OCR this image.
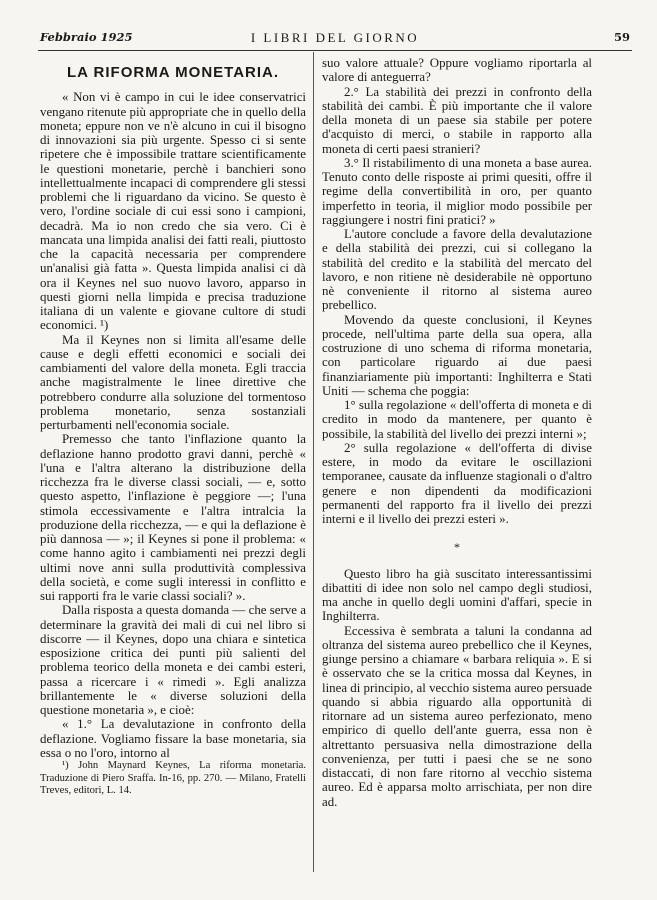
Febbraio 1925	I LIBRI DEL GIORNO	59
LA RIFORMA MONETARIA.

« Non vi è campo in cui le idee conservatrici vengano ritenute più appropriate che in quello della moneta; eppure non ve n'è alcuno in cui il bisogno di innovazioni sia più urgente. Spesso ci si sente ripetere che è impossibile trattare scientificamente le questioni monetarie, perchè i banchieri sono intellettualmente incapaci di comprendere gli stessi problemi che li riguardano da vicino. Se questo è vero, l'ordine sociale di cui essi sono i campioni, decadrà. Ma io non credo che sia vero. Ci è mancata una limpida analisi dei fatti reali, piuttosto che la capacità necessaria per comprendere un'analisi già fatta ». Questa limpida analisi ci dà ora il Keynes nel suo nuovo lavoro, apparso in questi giorni nella limpida e precisa traduzione italiana di un valente e giovane cultore di studi economici. ¹)

Ma il Keynes non si limita all'esame delle cause e degli effetti economici e sociali dei cambiamenti del valore della moneta. Egli traccia anche magistralmente le linee direttive che potrebbero condurre alla soluzione del tormentoso problema monetario, senza sostanziali perturbamenti nell'economia sociale.

Premesso che tanto l'inflazione quanto la deflazione hanno prodotto gravi danni, perchè « l'una e l'altra alterano la distribuzione della ricchezza fra le diverse classi sociali, — e, sotto questo aspetto, l'inflazione è peggiore —; l'una stimola eccessivamente e l'altra intralcia la produzione della ricchezza, — e qui la deflazione è più dannosa — »; il Keynes si pone il problema: « come hanno agito i cambiamenti nei prezzi degli ultimi nove anni sulla produttività complessiva della società, e come sugli interessi in conflitto e sui rapporti fra le varie classi sociali? ».

Dalla risposta a questa domanda — che serve a determinare la gravità dei mali di cui nel libro si discorre — il Keynes, dopo una chiara e sintetica esposizione critica dei punti più salienti del problema teorico della moneta e dei cambi esteri, passa a ricercare i « rimedi ». Egli analizza brillantemente le « diverse soluzioni della questione monetaria », e cioè:

« 1.° La devalutazione in confronto della deflazione. Vogliamo fissare la base monetaria, sia essa o no l'oro, intorno al

¹) John Maynard Keynes, La riforma monetaria. Traduzione di Piero Sraffa. In-16, pp. 270. — Milano, Fratelli Treves, editori, L. 14.

suo valore attuale? Oppure vogliamo riportarla al valore di anteguerra?

2.° La stabilità dei prezzi in confronto della stabilità dei cambi. È più importante che il valore della moneta di un paese sia stabile per potere d'acquisto di merci, o stabile in rapporto alla moneta di certi paesi stranieri?

3.° Il ristabilimento di una moneta a base aurea. Tenuto conto delle risposte ai primi quesiti, offre il regime della convertibilità in oro, per quanto imperfetto in teoria, il miglior modo possibile per raggiungere i nostri fini pratici? »

L'autore conclude a favore della devalutazione e della stabilità dei prezzi, cui si collegano la stabilità del credito e la stabilità del mercato del lavoro, e non ritiene nè desiderabile nè opportuno nè conveniente il ritorno al sistema aureo prebellico.

Movendo da queste conclusioni, il Keynes procede, nell'ultima parte della sua opera, alla costruzione di uno schema di riforma monetaria, con particolare riguardo ai due paesi finanziariamente più importanti: Inghilterra e Stati Uniti — schema che poggia:

1° sulla regolazione « dell'offerta di moneta e di credito in modo da mantenere, per quanto è possibile, la stabilità del livello dei prezzi interni »;

2° sulla regolazione « dell'offerta di divise estere, in modo da evitare le oscillazioni temporanee, causate da influenze stagionali o d'altro genere e non dipendenti da modificazioni permanenti del rapporto fra il livello dei prezzi interni e il livello dei prezzi esteri ».

*

Questo libro ha già suscitato interessantissimi dibattiti di idee non solo nel campo degli studiosi, ma anche in quello degli uomini d'affari, specie in Inghilterra.

Eccessiva è sembrata a taluni la condanna ad oltranza del sistema aureo prebellico che il Keynes, giunge persino a chiamare « barbara reliquia ». E si è osservato che se la critica mossa dal Keynes, in linea di principio, al vecchio sistema aureo persuade quando si abbia riguardo alla opportunità di ritornare ad un sistema aureo perfezionato, meno empirico di quello dell'ante guerra, essa non è altrettanto persuasiva nella dimostrazione della convenienza, per tutti i paesi che se ne sono distaccati, di non fare ritorno al vecchio sistema aureo. Ed è apparsa molto arrischiata, per non dire ad.
